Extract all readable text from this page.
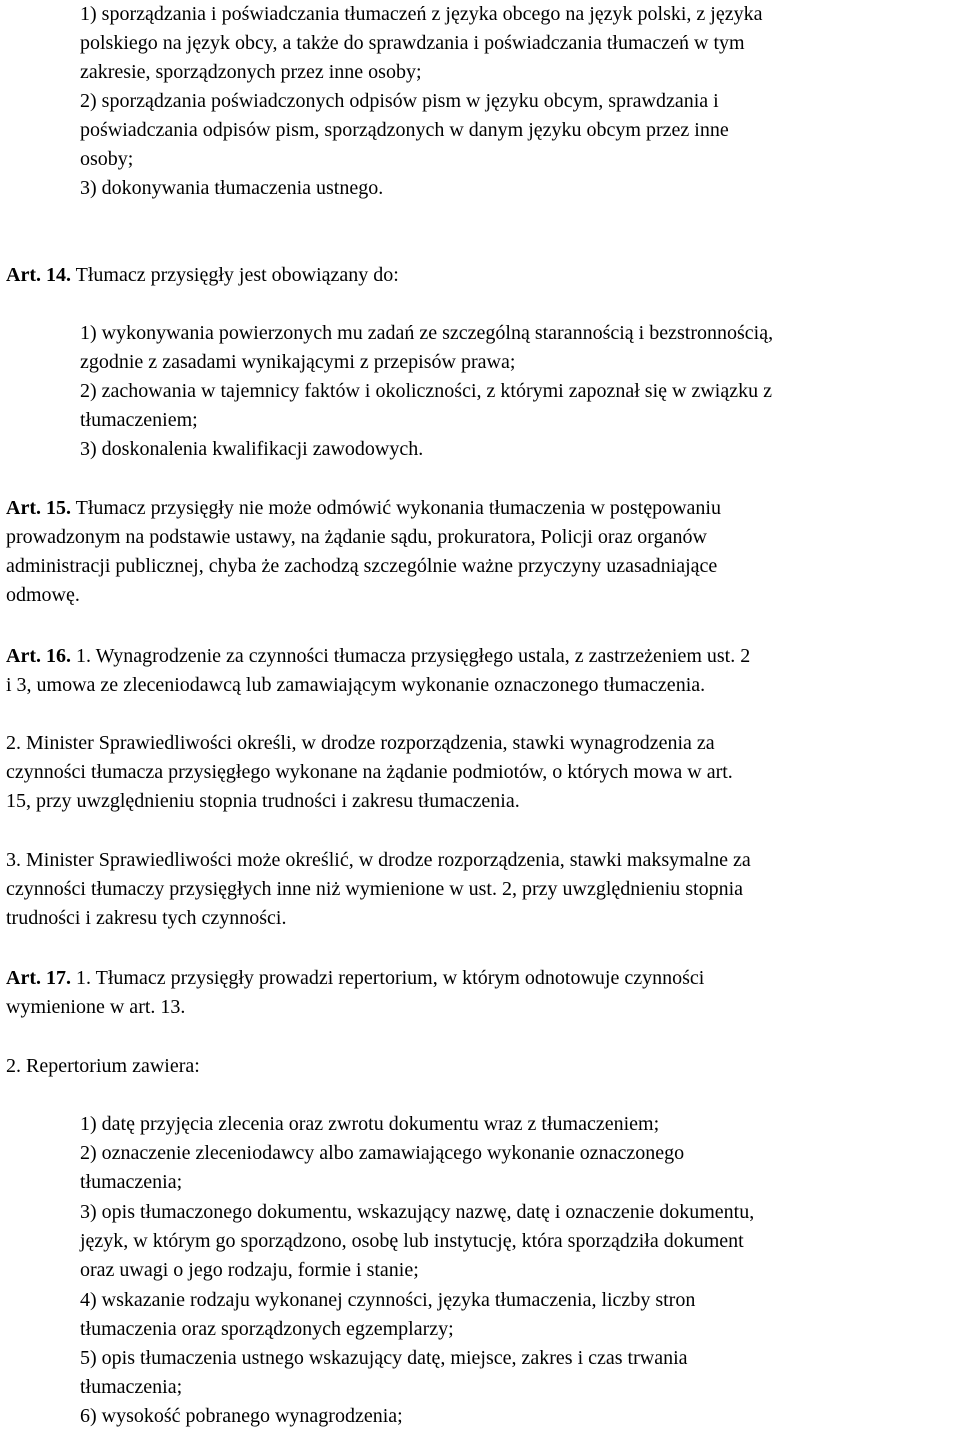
1) sporządzania i poświadczania tłumaczeń z języka obcego na język polski, z języka
polskiego na język obcy, a także do sprawdzania i poświadczania tłumaczeń w tym
zakresie, sporządzonych przez inne osoby;
2) sporządzania poświadczonych odpisów pism w języku obcym, sprawdzania i
poświadczania odpisów pism, sporządzonych w danym języku obcym przez inne
osoby;
3) dokonywania tłumaczenia ustnego.
Art. 14. Tłumacz przysięgły jest obowiązany do:
1) wykonywania powierzonych mu zadań ze szczególną starannością i bezstronnością,
zgodnie z zasadami wynikającymi z przepisów prawa;
2) zachowania w tajemnicy faktów i okoliczności, z którymi zapoznał się w związku z
tłumaczeniem;
3) doskonalenia kwalifikacji zawodowych.
Art. 15. Tłumacz przysięgły nie może odmówić wykonania tłumaczenia w postępowaniu
prowadzonym na podstawie ustawy, na żądanie sądu, prokuratora, Policji oraz organów
administracji publicznej, chyba że zachodzą szczególnie ważne przyczyny uzasadniające
odmowę.
Art. 16. 1. Wynagrodzenie za czynności tłumacza przysięgłego ustala, z zastrzeżeniem ust. 2
i 3, umowa ze zleceniodawcą lub zamawiającym wykonanie oznaczonego tłumaczenia.
2. Minister Sprawiedliwości określi, w drodze rozporządzenia, stawki wynagrodzenia za
czynności tłumacza przysięgłego wykonane na żądanie podmiotów, o których mowa w art.
15, przy uwzględnieniu stopnia trudności i zakresu tłumaczenia.
3. Minister Sprawiedliwości może określić, w drodze rozporządzenia, stawki maksymalne za
czynności tłumaczy przysięgłych inne niż wymienione w ust. 2, przy uwzględnieniu stopnia
trudności i zakresu tych czynności.
Art. 17. 1. Tłumacz przysięgły prowadzi repertorium, w którym odnotowuje czynności
wymienione w art. 13.
2. Repertorium zawiera:
1) datę przyjęcia zlecenia oraz zwrotu dokumentu wraz z tłumaczeniem;
2) oznaczenie zleceniodawcy albo zamawiającego wykonanie oznaczonego
tłumaczenia;
3) opis tłumaczonego dokumentu, wskazujący nazwę, datę i oznaczenie dokumentu,
język, w którym go sporządzono, osobę lub instytucję, która sporządziła dokument
oraz uwagi o jego rodzaju, formie i stanie;
4) wskazanie rodzaju wykonanej czynności, języka tłumaczenia, liczby stron
tłumaczenia oraz sporządzonych egzemplarzy;
5) opis tłumaczenia ustnego wskazujący datę, miejsce, zakres i czas trwania
tłumaczenia;
6) wysokość pobranego wynagrodzenia;
